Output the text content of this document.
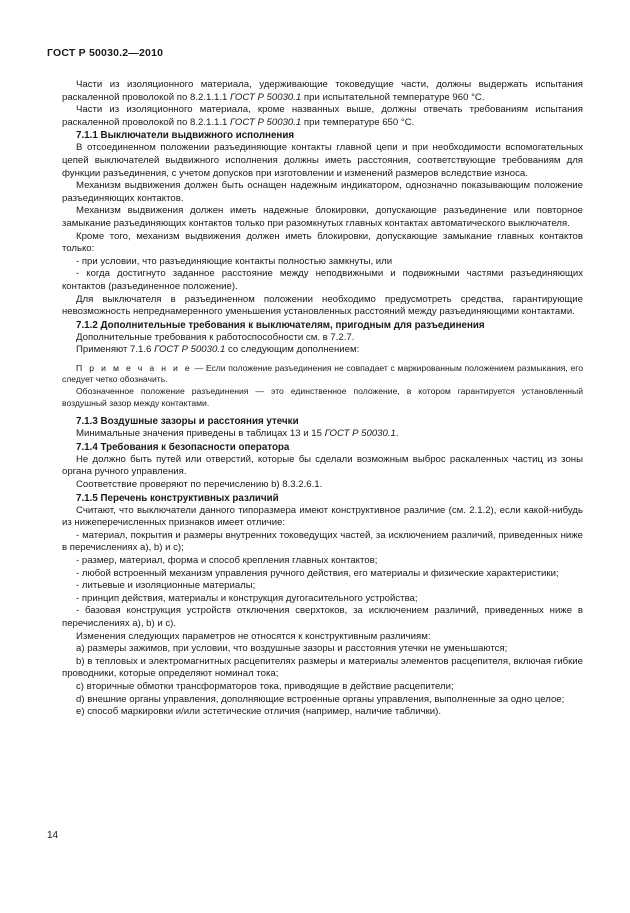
ГОСТ Р 50030.2—2010

Части из изоляционного материала, удерживающие токоведущие части, должны выдержать испытания раскаленной проволокой по 8.2.1.1.1 ГОСТ Р 50030.1 при испытательной температуре 960 °С.

Части из изоляционного материала, кроме названных выше, должны отвечать требованиям испытания раскаленной проволокой по 8.2.1.1.1 ГОСТ Р 50030.1 при температуре 650 °С.

7.1.1 Выключатели выдвижного исполнения

В отсоединенном положении разъединяющие контакты главной цепи и при необходимости вспомогательных цепей выключателей выдвижного исполнения должны иметь расстояния, соответствующие требованиям для функции разъединения, с учетом допусков при изготовлении и изменений размеров вследствие износа.

Механизм выдвижения должен быть оснащен надежным индикатором, однозначно показывающим положение разъединяющих контактов.

Механизм выдвижения должен иметь надежные блокировки, допускающие разъединение или повторное замыкание разъединяющих контактов только при разомкнутых главных контактах автоматического выключателя.

Кроме того, механизм выдвижения должен иметь блокировки, допускающие замыкание главных контактов только:

- при условии, что разъединяющие контакты полностью замкнуты, или

- когда достигнуто заданное расстояние между неподвижными и подвижными частями разъединяющих контактов (разъединенное положение).

Для выключателя в разъединенном положении необходимо предусмотреть средства, гарантирующие невозможность непреднамеренного уменьшения установленных расстояний между разъединяющими контактами.

7.1.2 Дополнительные требования к выключателям, пригодным для разъединения

Дополнительные требования к работоспособности см. в 7.2.7.

Применяют 7.1.6 ГОСТ Р 50030.1 со следующим дополнением:

П р и м е ч а н и е — Если положение разъединения не совпадает с маркированным положением размыкания, его следует четко обозначить.

Обозначенное положение разъединения — это единственное положение, в котором гарантируется установленный воздушный зазор между контактами.

7.1.3 Воздушные зазоры и расстояния утечки

Минимальные значения приведены в таблицах 13 и 15 ГОСТ Р 50030.1.

7.1.4 Требования к безопасности оператора

Не должно быть путей или отверстий, которые бы сделали возможным выброс раскаленных частиц из зоны органа ручного управления.

Соответствие проверяют по перечислению b) 8.3.2.6.1.

7.1.5 Перечень конструктивных различий

Считают, что выключатели данного типоразмера имеют конструктивное различие (см. 2.1.2), если какой-нибудь из нижеперечисленных признаков имеет отличие:

- материал, покрытия и размеры внутренних токоведущих частей, за исключением различий, приведенных ниже в перечислениях а), b) и с);

- размер, материал, форма и способ крепления главных контактов;

- любой встроенный механизм управления ручного действия, его материалы и физические характеристики;

- литьевые и изоляционные материалы;

- принцип действия, материалы и конструкция дугогасительного устройства;

- базовая конструкция устройств отключения сверхтоков, за исключением различий, приведенных ниже в перечислениях а), b) и с).

Изменения следующих параметров не относятся к конструктивным различиям:

а) размеры зажимов, при условии, что воздушные зазоры и расстояния утечки не уменьшаются;

b) в тепловых и электромагнитных расцепителях размеры и материалы элементов расцепителя, включая гибкие проводники, которые определяют номинал тока;

с) вторичные обмотки трансформаторов тока, приводящие в действие расцепители;

d) внешние органы управления, дополняющие встроенные органы управления, выполненные за одно целое;

е) способ маркировки и/или эстетические отличия (например, наличие таблички).

14
